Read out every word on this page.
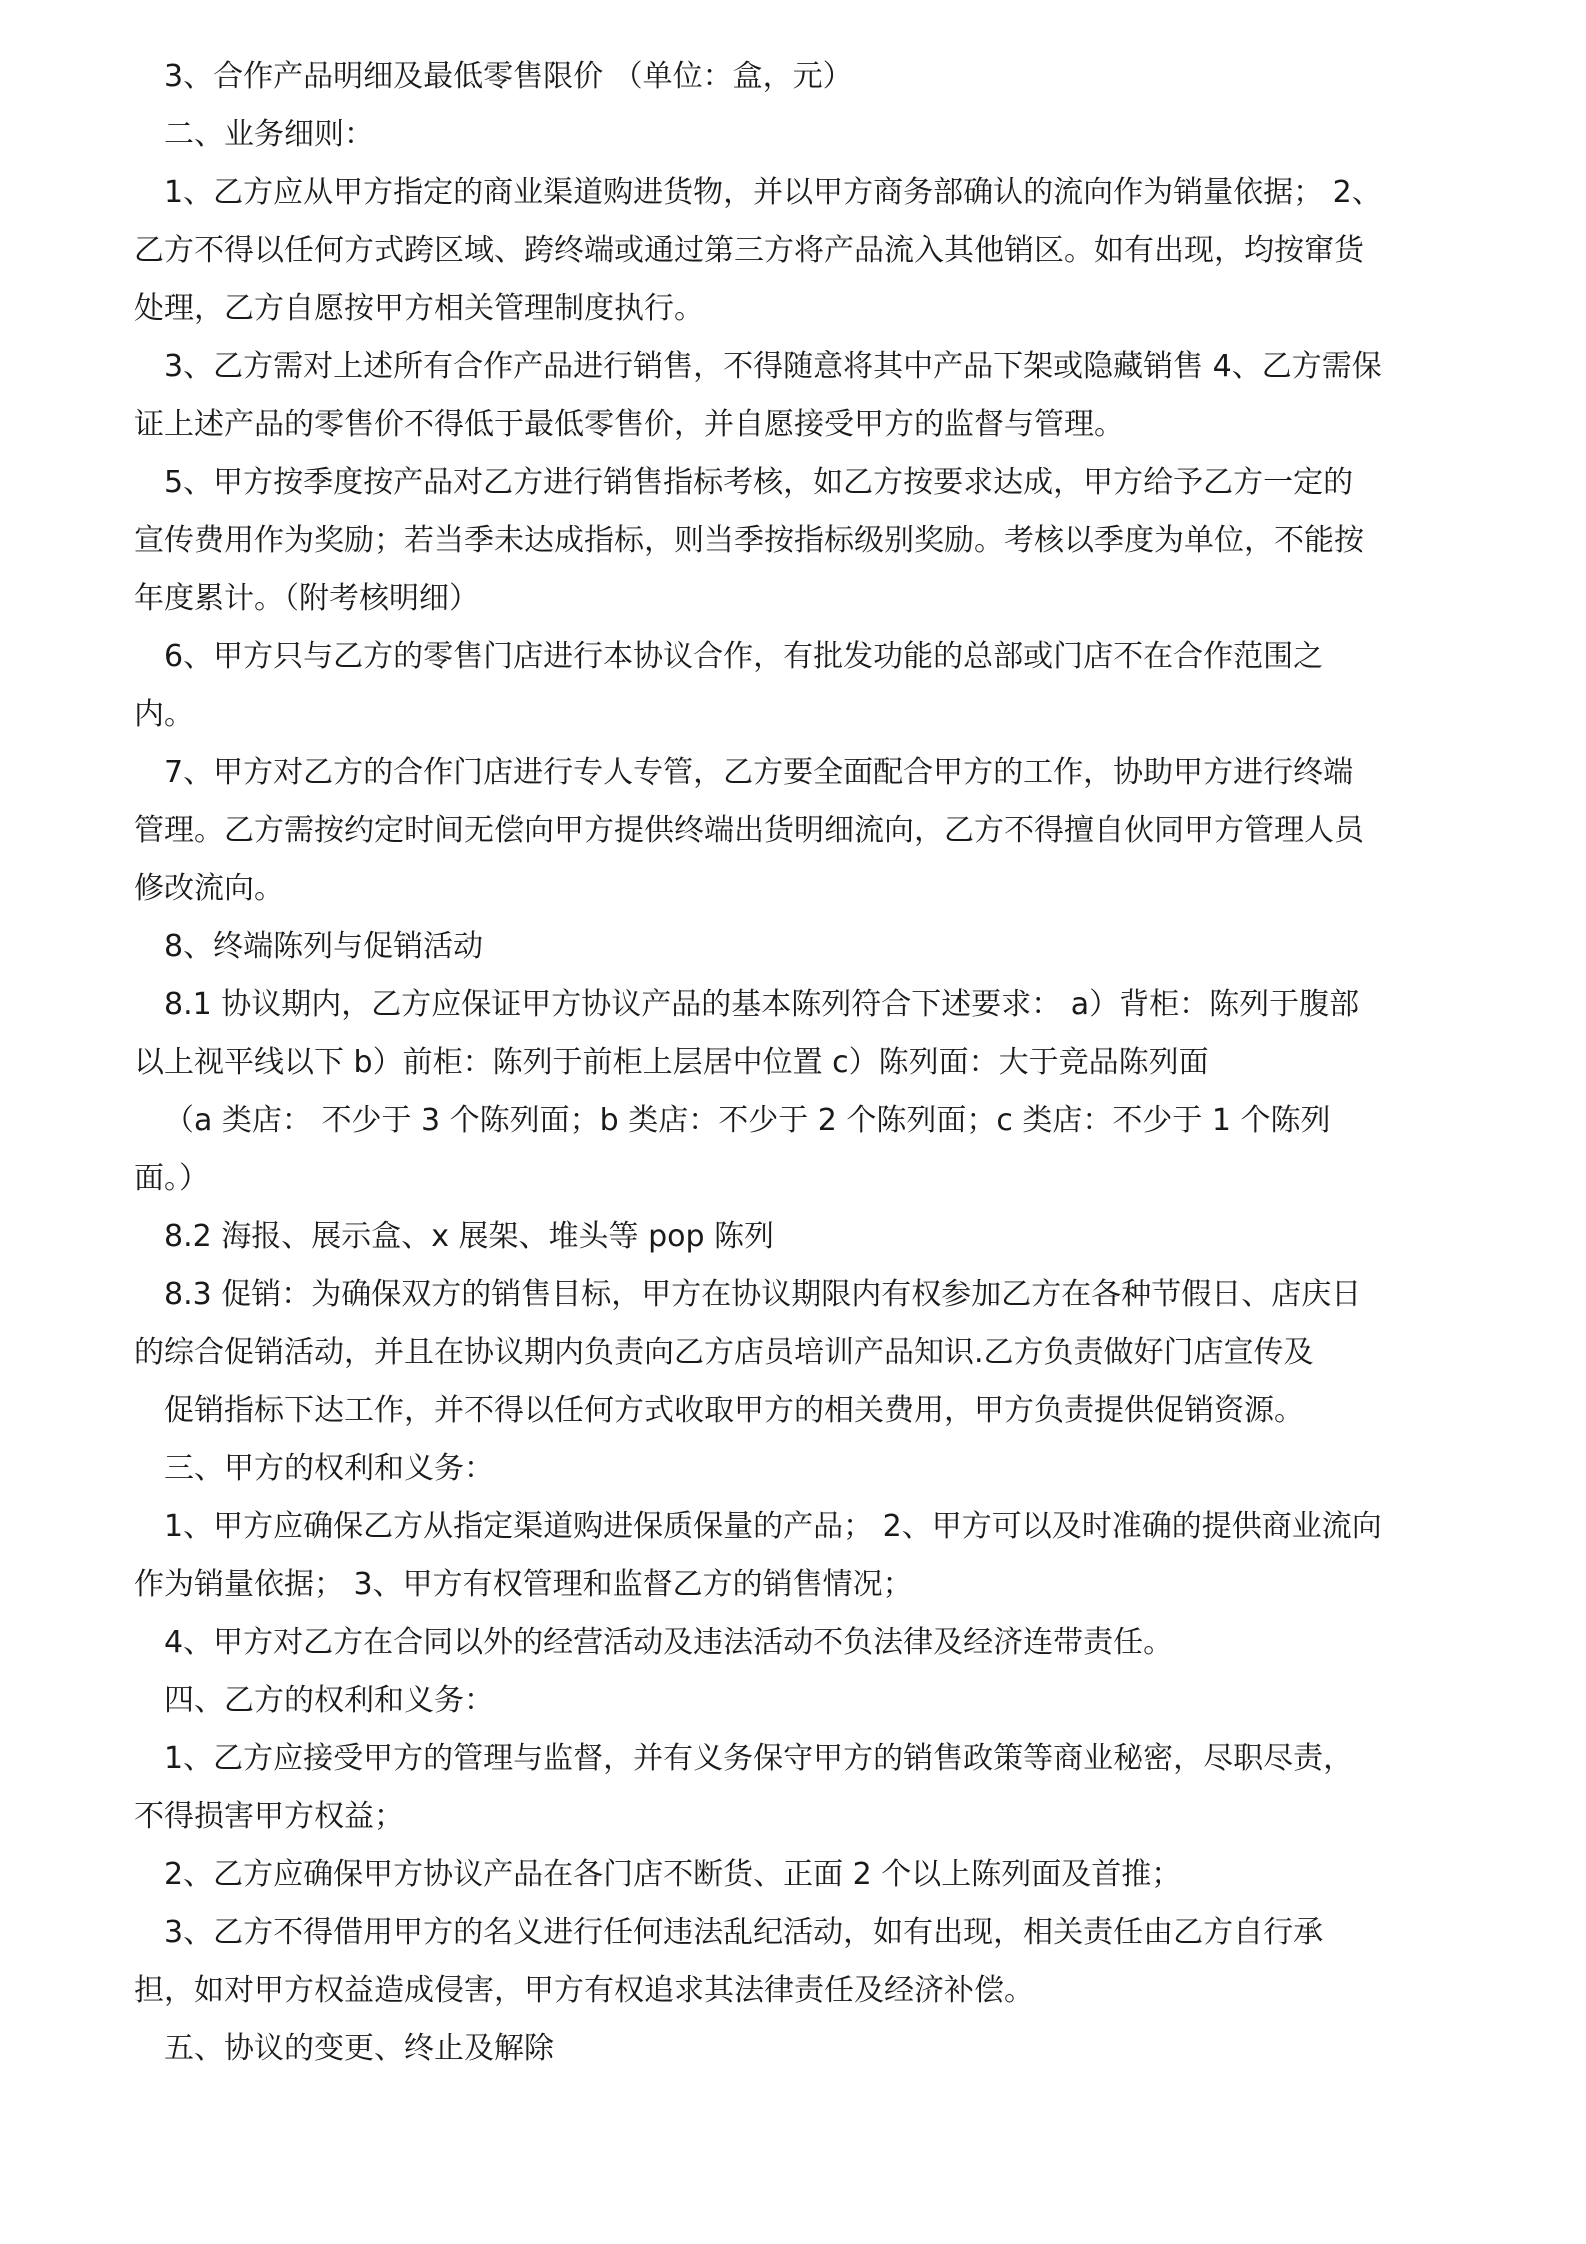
3、合作产品明细及最低零售限价 （单位：盒，元）
二、业务细则：
1、乙方应从甲方指定的商业渠道购进货物，并以甲方商务部确认的流向作为销量依据； 2、
乙方不得以任何方式跨区域、跨终端或通过第三方将产品流入其他销区。如有出现，均按窜货
处理，乙方自愿按甲方相关管理制度执行。
3、乙方需对上述所有合作产品进行销售，不得随意将其中产品下架或隐藏销售 4、乙方需保
证上述产品的零售价不得低于最低零售价，并自愿接受甲方的监督与管理。
5、甲方按季度按产品对乙方进行销售指标考核，如乙方按要求达成，甲方给予乙方一定的
宣传费用作为奖励；若当季未达成指标，则当季按指标级别奖励。考核以季度为单位，不能按
年度累计。（附考核明细）
6、甲方只与乙方的零售门店进行本协议合作，有批发功能的总部或门店不在合作范围之
内。
7、甲方对乙方的合作门店进行专人专管，乙方要全面配合甲方的工作，协助甲方进行终端
管理。乙方需按约定时间无偿向甲方提供终端出货明细流向，乙方不得擅自伙同甲方管理人员
修改流向。
8、终端陈列与促销活动
8.1 协议期内，乙方应保证甲方协议产品的基本陈列符合下述要求： a）背柜：陈列于腹部
以上视平线以下 b）前柜：陈列于前柜上层居中位置 c）陈列面：大于竞品陈列面
（a 类店： 不少于 3 个陈列面；b 类店：不少于 2 个陈列面；c 类店：不少于 1 个陈列
面。）
8.2 海报、展示盒、x 展架、堆头等 pop 陈列
8.3 促销：为确保双方的销售目标，甲方在协议期限内有权参加乙方在各种节假日、店庆日
的综合促销活动，并且在协议期内负责向乙方店员培训产品知识.乙方负责做好门店宣传及
促销指标下达工作，并不得以任何方式收取甲方的相关费用，甲方负责提供促销资源。
三、甲方的权利和义务：
1、甲方应确保乙方从指定渠道购进保质保量的产品； 2、甲方可以及时准确的提供商业流向
作为销量依据； 3、甲方有权管理和监督乙方的销售情况；
4、甲方对乙方在合同以外的经营活动及违法活动不负法律及经济连带责任。
四、乙方的权利和义务：
1、乙方应接受甲方的管理与监督，并有义务保守甲方的销售政策等商业秘密，尽职尽责，
不得损害甲方权益；
2、乙方应确保甲方协议产品在各门店不断货、正面 2 个以上陈列面及首推；
3、乙方不得借用甲方的名义进行任何违法乱纪活动，如有出现，相关责任由乙方自行承
担，如对甲方权益造成侵害，甲方有权追求其法律责任及经济补偿。
五、协议的变更、终止及解除
